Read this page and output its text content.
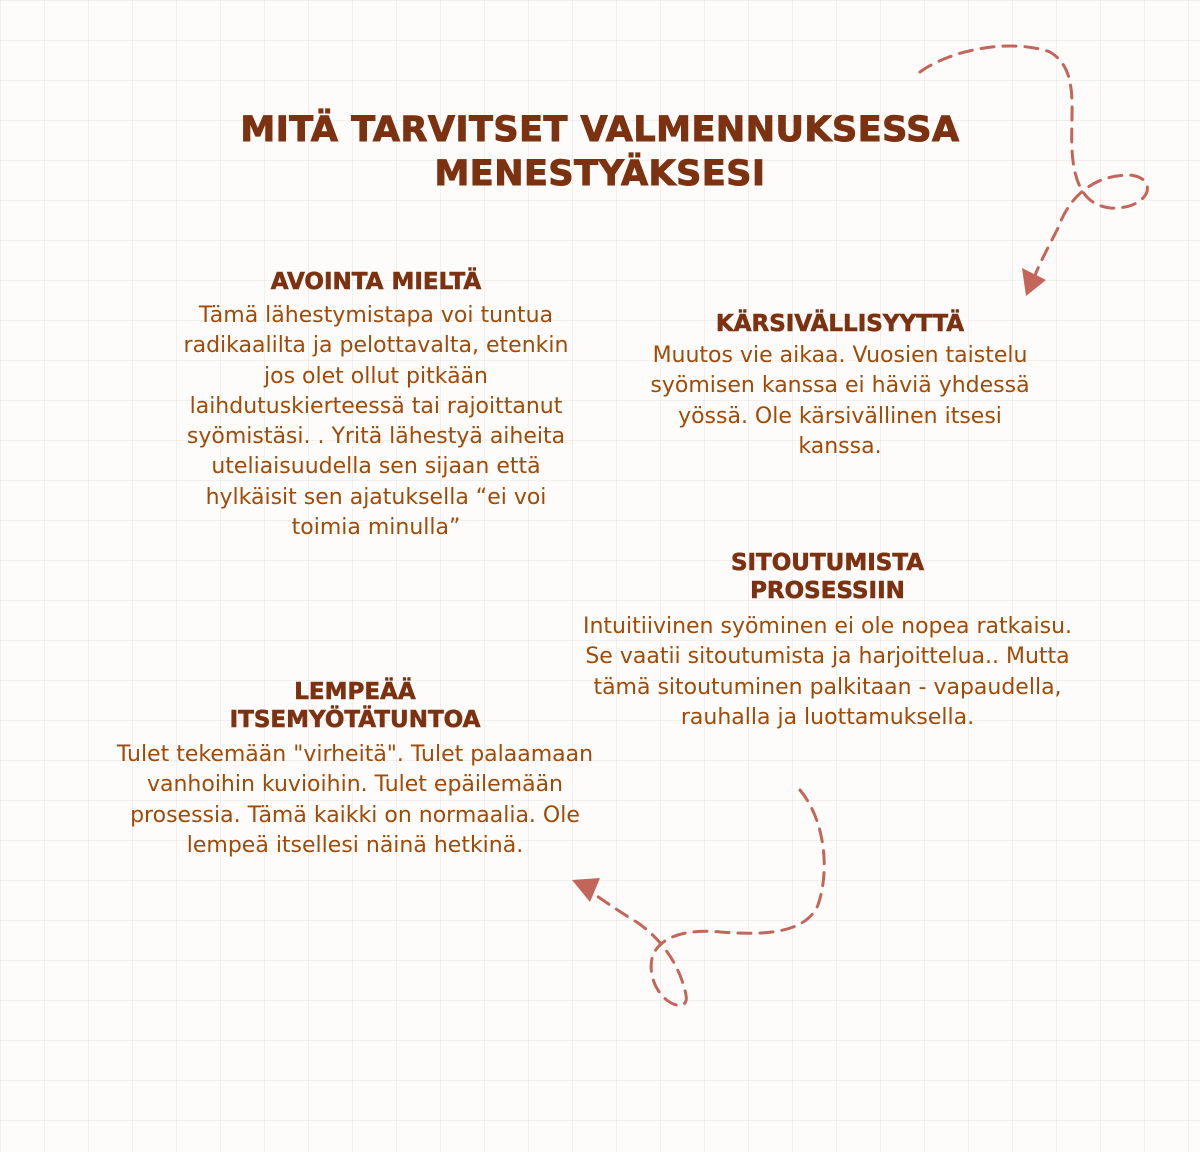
MITÄ TARVITSET VALMENNUKSESSA MENESTYÄKSESI
AVOINTA MIELTÄ

Tämä lähestymistapa voi tuntua radikaalilta ja pelottavalta, etenkin jos olet ollut pitkään laihdutuskierteessä tai rajoittanut syömistäsi. . Yritä lähestyä aiheita uteliaisuudella sen sijaan että hylkäisit sen ajatuksella “ei voi toimia minulla”

KÄRSIVÄLLISYYTTÄ

Muutos vie aikaa. Vuosien taistelu syömisen kanssa ei häviä yhdessä yössä. Ole kärsivällinen itsesi kanssa.

SITOUTUMISTA
PROSESSIIN

Intuitiivinen syöminen ei ole nopea ratkaisu. Se vaatii sitoutumista ja harjoittelua.. Mutta tämä sitoutuminen palkitaan - vapaudella, rauhalla ja luottamuksella.

LEMPEÄÄ
ITSEMYÖTÄTUNTOA

Tulet tekemään "virheitä". Tulet palaamaan vanhoihin kuvioihin. Tulet epäilemään prosessia. Tämä kaikki on normaalia. Ole lempeä itsellesi näinä hetkinä.
